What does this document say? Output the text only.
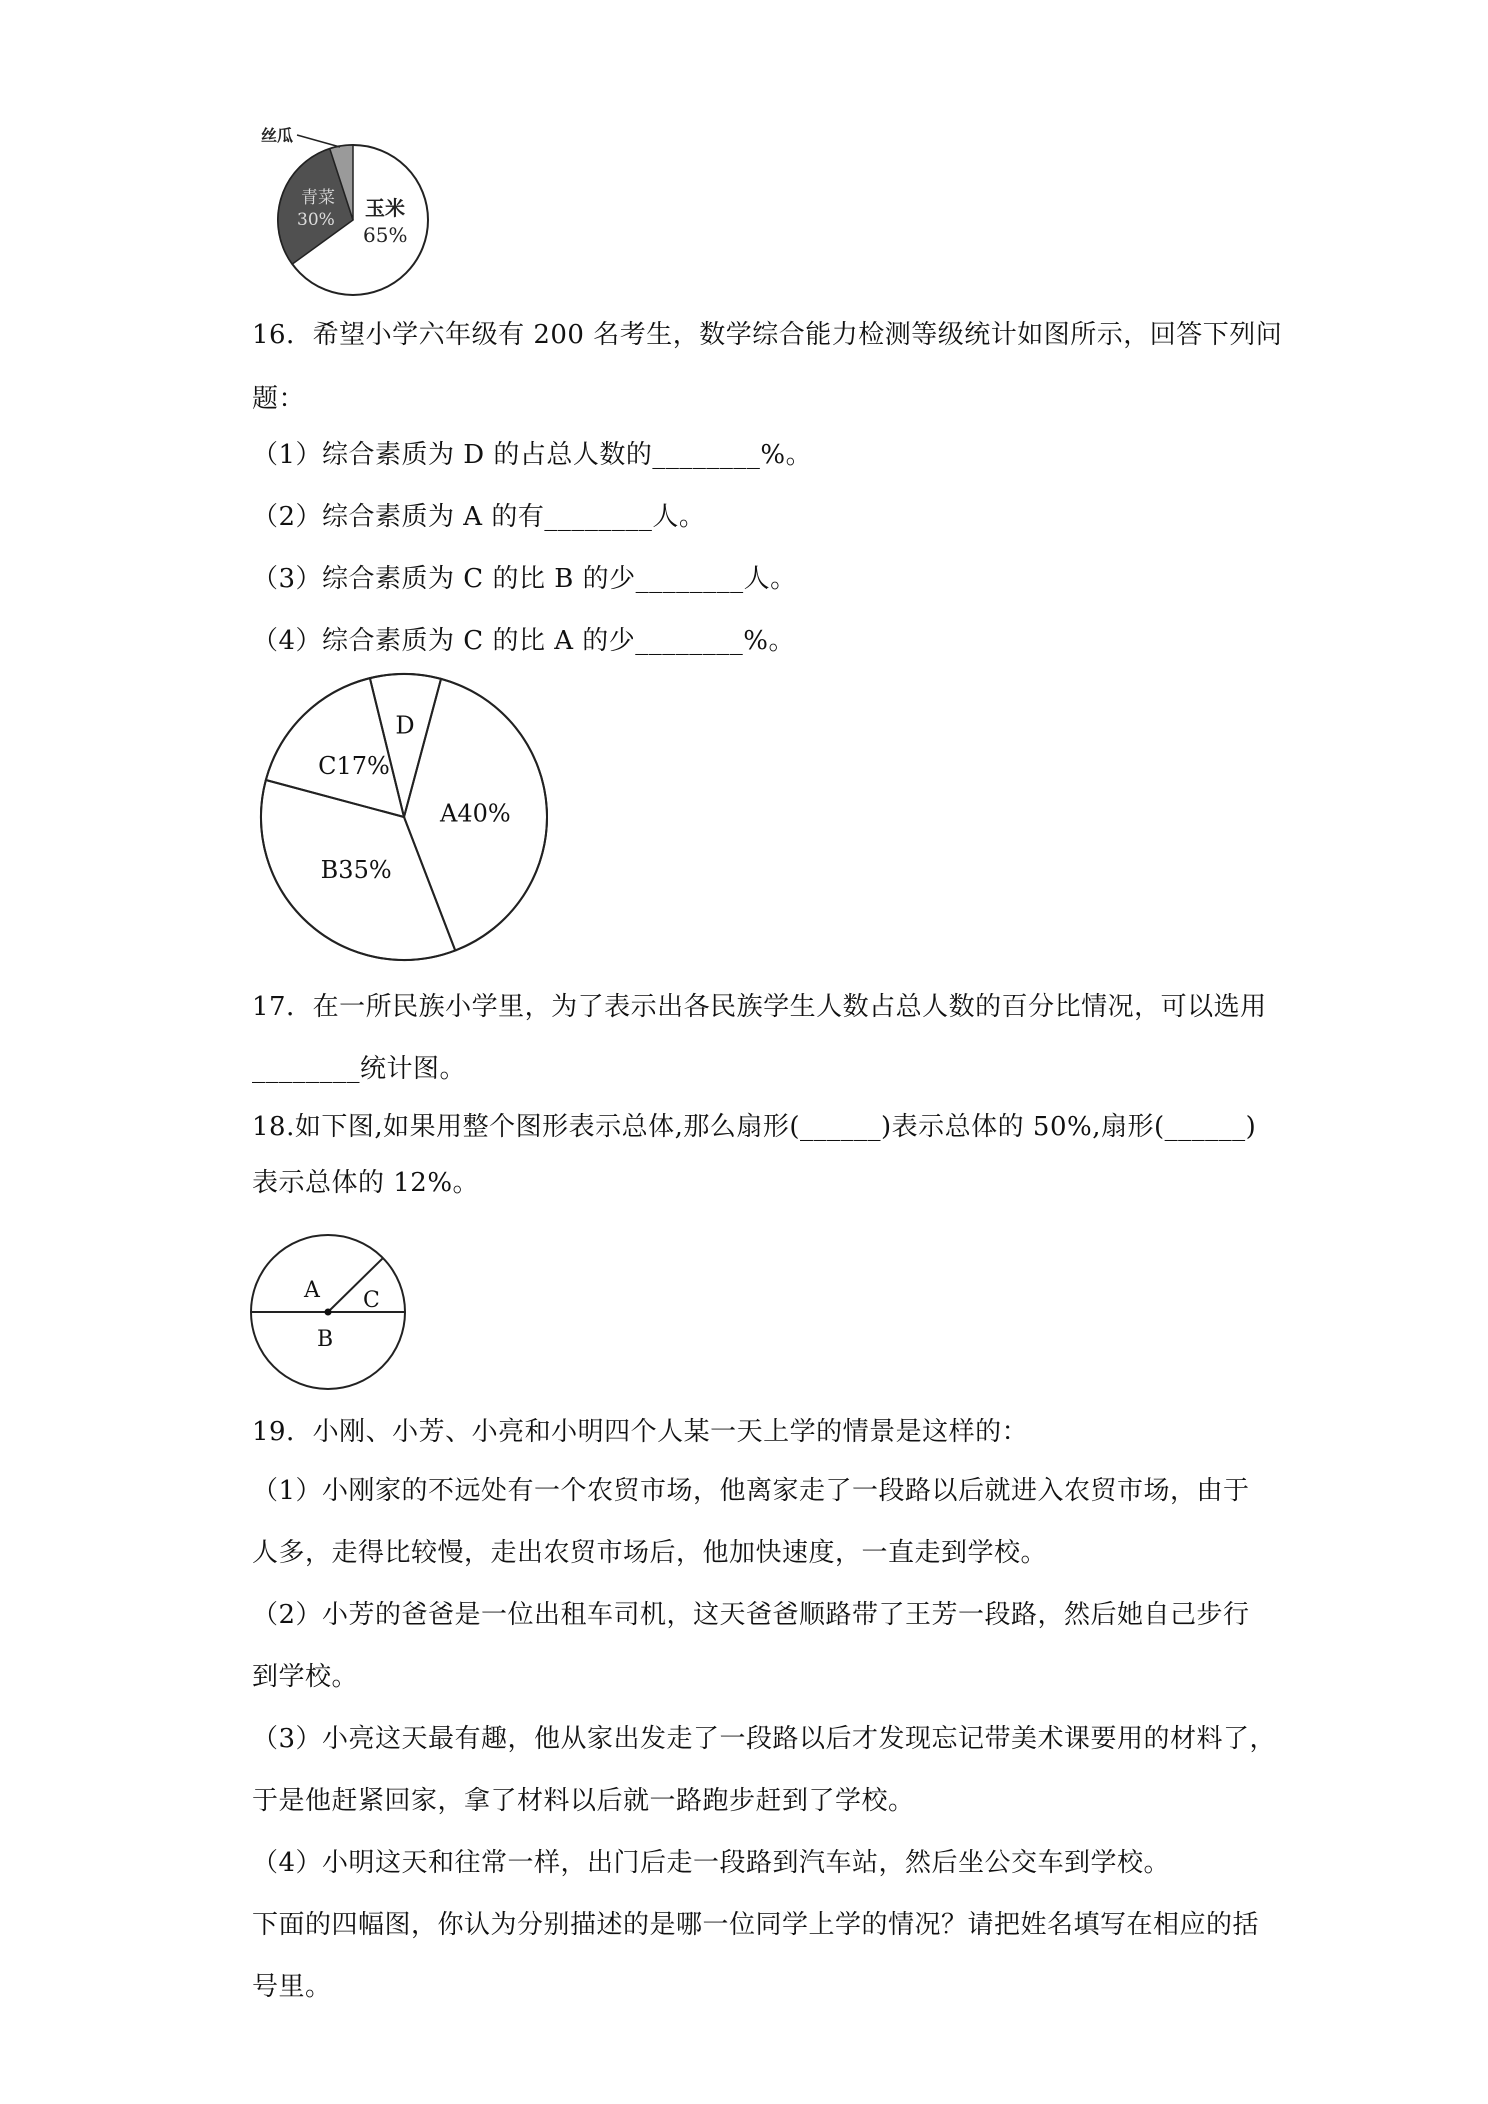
丝瓜
青菜
30% 玉米
65%
16．希望小学六年级有 200 名考生，数学综合能力检测等级统计如图所示，回答下列问
题：
（1）综合素质为 D 的占总人数的________%。
（2）综合素质为 A 的有________人。
（3）综合素质为 C 的比 B 的少________人。
（4）综合素质为 C 的比 A 的少________%。
A40%
B35%
C17%
D
17．在一所民族小学里，为了表示出各民族学生人数占总人数的百分比情况，可以选用
________统计图。
18.如下图,如果用整个图形表示总体,那么扇形(______)表示总体的 50%,扇形(______)
表示总体的 12%。
A C
B
19．小刚、小芳、小亮和小明四个人某一天上学的情景是这样的：
（1）小刚家的不远处有一个农贸市场，他离家走了一段路以后就进入农贸市场，由于
人多，走得比较慢，走出农贸市场后，他加快速度，一直走到学校。
（2）小芳的爸爸是一位出租车司机，这天爸爸顺路带了王芳一段路，然后她自己步行
到学校。
（3）小亮这天最有趣，他从家出发走了一段路以后才发现忘记带美术课要用的材料了，
于是他赶紧回家，拿了材料以后就一路跑步赶到了学校。
（4）小明这天和往常一样，出门后走一段路到汽车站，然后坐公交车到学校。
下面的四幅图，你认为分别描述的是哪一位同学上学的情况？请把姓名填写在相应的括
号里。
